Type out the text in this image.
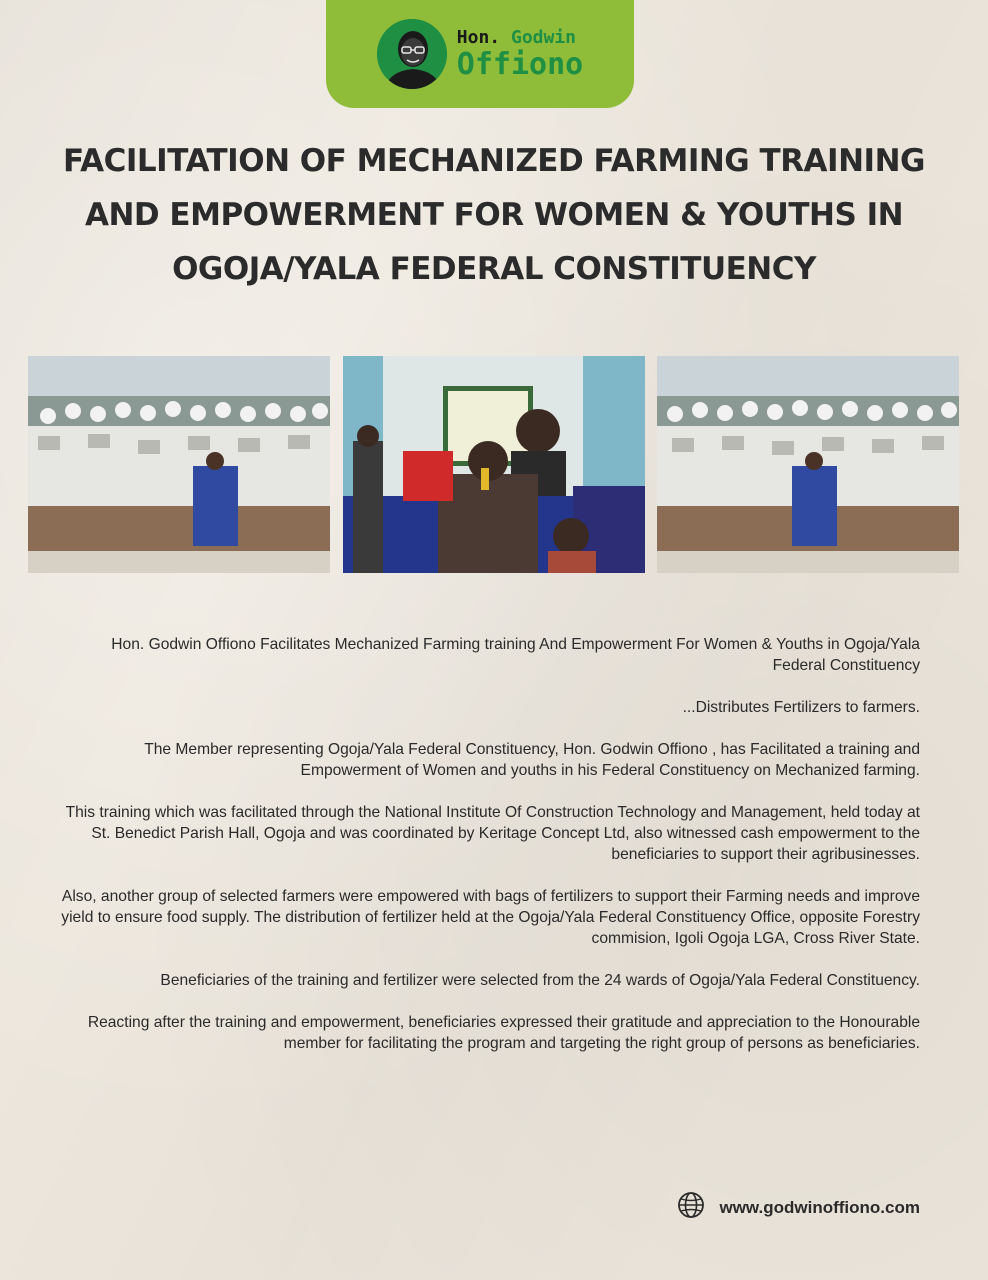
Hon. Godwin
Offiono
FACILITATION OF MECHANIZED FARMING TRAINING AND EMPOWERMENT FOR WOMEN & YOUTHS IN OGOJA/YALA FEDERAL CONSTITUENCY

Hon. Godwin Offiono Facilitates Mechanized Farming training And Empowerment For Women & Youths in Ogoja/Yala Federal Constituency

...Distributes Fertilizers to farmers.

The Member representing Ogoja/Yala Federal Constituency, Hon. Godwin Offiono , has Facilitated a training and Empowerment of Women and youths in his Federal Constituency on Mechanized farming.

This training which was facilitated through the National Institute Of Construction Technology and Management, held today at St. Benedict Parish Hall, Ogoja and was coordinated by Keritage Concept Ltd, also witnessed cash empowerment to the beneficiaries to support their agribusinesses.

Also, another group of selected farmers were empowered with bags of fertilizers to support their Farming needs and improve yield to ensure food supply. The distribution of fertilizer held at the Ogoja/Yala Federal Constituency Office, opposite Forestry commision, Igoli Ogoja LGA, Cross River State.

Beneficiaries of the training and fertilizer were selected from the 24 wards of Ogoja/Yala Federal Constituency.

Reacting after the training and empowerment, beneficiaries expressed their gratitude and appreciation to the Honourable member for facilitating the program and targeting the right group of persons as beneficiaries.

www.godwinoffiono.com
